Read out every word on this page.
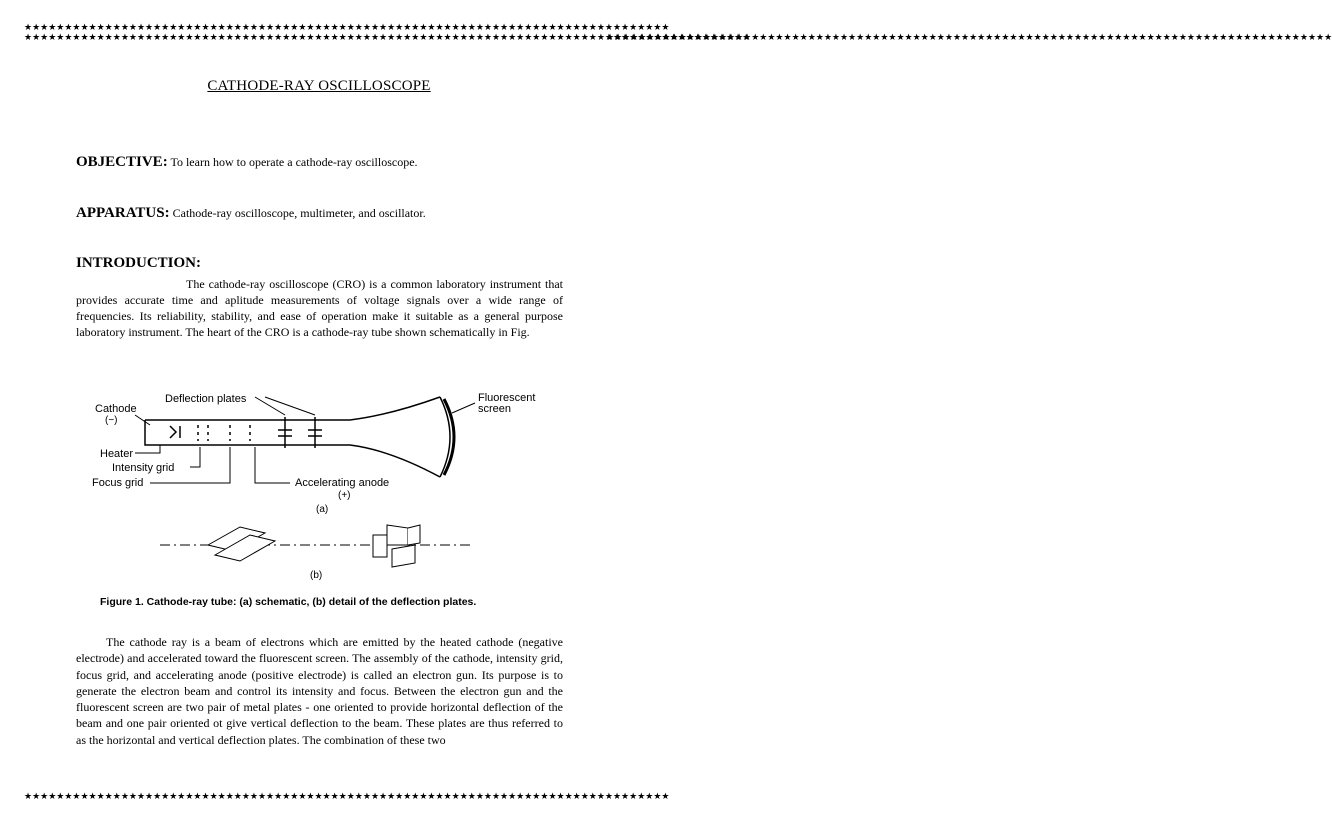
★★★★★★★★★★★★★★★★★★★★★★★★★★★★★★★★★★★★★★★★★★★★★★★★★★★★★★★★★★★★★★★★★★★★★★★★★★★★★★★★
★★★★★★★★★★★★★★★★★★★★★★★★★★★★★★★★★★★★★★★★★★★★★★★★★★★★★★★★★★★★★★★★★★★★★★★★★★★★★★★★
★★★★★★★★★★★★★★★★★★★★★★★★★★★★★★★★★★★★★★★★★★★★★★★★★★★★★★★★★★★★★★★★★★★★★★★★★★★★★★★★★★★★★★★★★★
★★★★★★★★★★★★★★★★★★★★★★★★★★★★★★★★★★★★★★★★★★★★★★★★★★★★★★★★★★★★★★★★★★★★★★★★★★★★★★★★★★★★★★★★★★
CATHODE-RAY OSCILLOSCOPE
OBJECTIVE: To learn how to operate a cathode-ray oscilloscope.
APPARATUS: Cathode-ray oscilloscope, multimeter, and oscillator.
INTRODUCTION:
The cathode-ray oscilloscope (CRO) is a common laboratory instrument that provides accurate time and aplitude measurements of voltage signals over a wide range of frequencies. Its reliability, stability, and ease of operation make it suitable as a general purpose laboratory instrument. The heart of the CRO is a cathode-ray tube shown schematically in Fig.
Deflection plates
Cathode
(−)
Heater
Intensity grid
Focus grid	Accelerating anode
(+)
Fluorescent
screen
(a)
(b)
Figure 1. Cathode-ray tube: (a) schematic, (b) detail of the deflection plates.
The cathode ray is a beam of electrons which are emitted by the heated cathode (negative electrode) and accelerated toward the fluorescent screen. The assembly of the cathode, intensity grid, focus grid, and accelerating anode (positive electrode) is called an electron gun. Its purpose is to generate the electron beam and control its intensity and focus. Between the electron gun and the fluorescent screen are two pair of metal plates - one oriented to provide horizontal deflection of the beam and one pair oriented ot give vertical deflection to the beam. These plates are thus referred to as the horizontal and vertical deflection plates. The combination of these two
